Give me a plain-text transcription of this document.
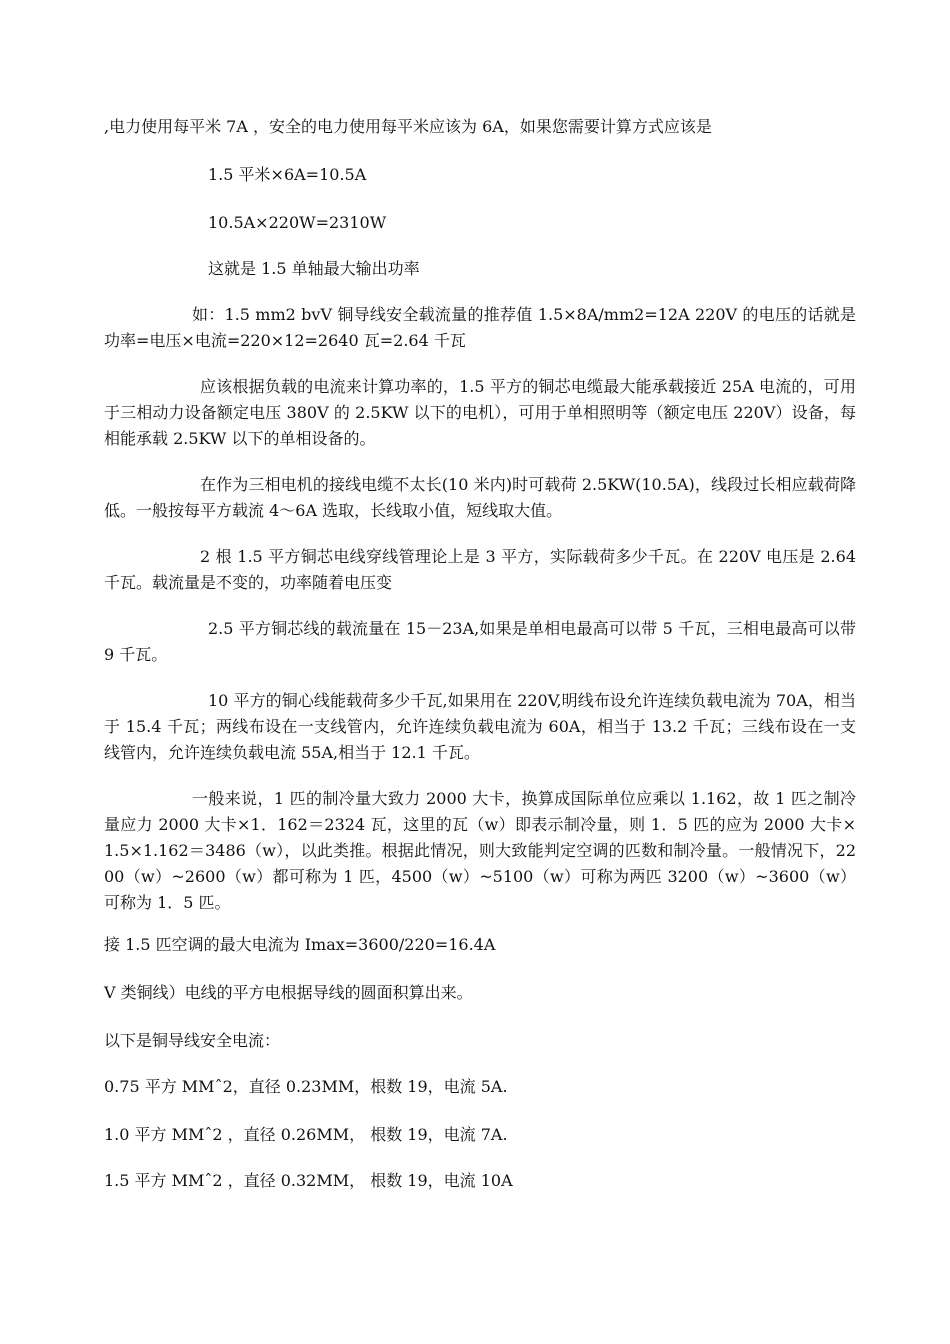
,电力使用每平米 7A ，安全的电力使用每平米应该为 6A，如果您需要计算方式应该是

1.5 平米×6A=10.5A

10.5A×220W=2310W

这就是 1.5 单轴最大输出功率

如：1.5 mm2 bvV 铜导线安全载流量的推荐值 1.5×8A/mm2=12A 220V 的电压的话就是功率=电压×电流=220×12=2640 瓦=2.64 千瓦

应该根据负载的电流来计算功率的，1.5 平方的铜芯电缆最大能承载接近 25A 电流的，可用于三相动力设备额定电压 380V 的 2.5KW 以下的电机），可用于单相照明等（额定电压 220V）设备，每相能承载 2.5KW 以下的单相设备的。

在作为三相电机的接线电缆不太长(10 米内)时可载荷 2.5KW(10.5A)，线段过长相应载荷降低。一般按每平方载流 4～6A 选取，长线取小值，短线取大值。

2 根 1.5 平方铜芯电线穿线管理论上是 3 平方，实际载荷多少千瓦。在 220V 电压是 2.64 千瓦。载流量是不变的，功率随着电压变

2.5 平方铜芯线的载流量在 15－23A,如果是单相电最高可以带 5 千瓦，三相电最高可以带 9 千瓦。

10 平方的铜心线能载荷多少千瓦,如果用在 220V,明线布设允许连续负载电流为 70A，相当于 15.4 千瓦；两线布设在一支线管内，允许连续负载电流为 60A，相当于 13.2 千瓦；三线布设在一支线管内，允许连续负载电流 55A,相当于 12.1 千瓦。

一般来说，1 匹的制冷量大致力 2000 大卡，换算成国际单位应乘以 1.162，故 1 匹之制冷量应力 2000 大卡×1．162＝2324 瓦，这里的瓦（w）即表示制冷量，则 1．5 匹的应为 2000 大卡×1.5×1.162＝3486（w），以此类推。根据此情况，则大致能判定空调的匹数和制冷量。一般情况下，2200（w）~2600（w）都可称为 1 匹，4500（w）~5100（w）可称为两匹 3200（w）~3600（w）可称为 1．5 匹。

接 1.5 匹空调的最大电流为 Imax=3600/220=16.4A

V 类铜线）电线的平方电根据导线的圆面积算出来。

以下是铜导线安全电流：

0.75 平方 MMˆ2，直径 0.23MM，根数 19，电流 5A.

1.0 平方 MMˆ2 ，直径 0.26MM， 根数 19，电流 7A.

1.5 平方 MMˆ2 ，直径 0.32MM， 根数 19，电流 10A
